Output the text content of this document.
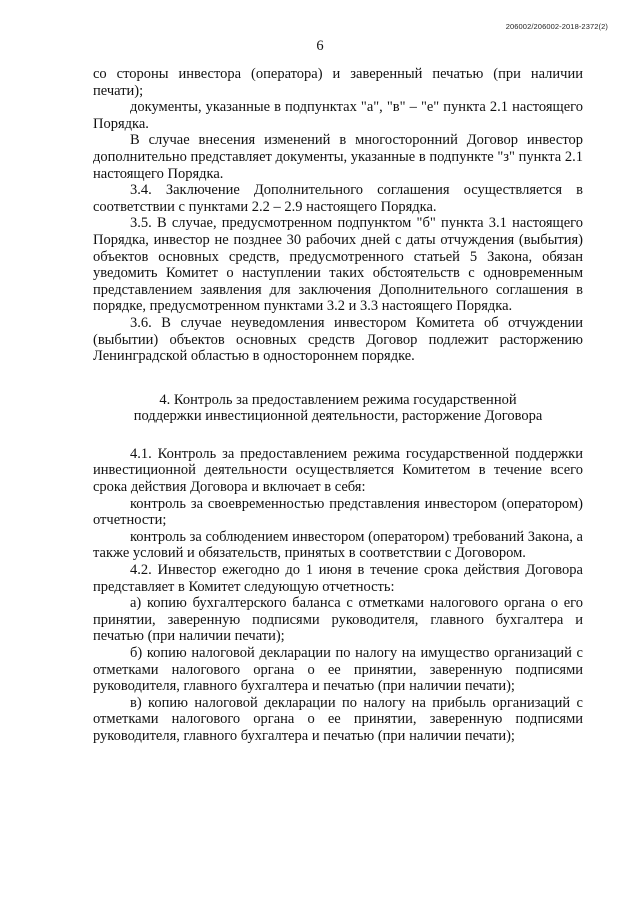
206002/206002-2018-2372(2)
6

со стороны инвестора (оператора) и заверенный печатью (при наличии печати);

документы, указанные в подпунктах "а", "в" – "е" пункта 2.1 настоящего Порядка.

В случае внесения изменений в многосторонний Договор инвестор дополнительно представляет документы, указанные в подпункте "з" пункта 2.1 настоящего Порядка.

3.4. Заключение Дополнительного соглашения осуществляется в соответствии с пунктами 2.2 – 2.9 настоящего Порядка.

3.5. В случае, предусмотренном подпунктом "б" пункта 3.1 настоящего Порядка, инвестор не позднее 30 рабочих дней с даты отчуждения (выбытия) объектов основных средств, предусмотренного статьей 5 Закона, обязан уведомить Комитет о наступлении таких обстоятельств с одновременным представлением заявления для заключения Дополнительного соглашения в порядке, предусмотренном пунктами 3.2 и 3.3 настоящего Порядка.

3.6. В случае неуведомления инвестором Комитета об отчуждении (выбытии) объектов основных средств Договор подлежит расторжению Ленинградской областью в одностороннем порядке.

4. Контроль за предоставлением режима государственной
поддержки инвестиционной деятельности, расторжение Договора

4.1. Контроль за предоставлением режима государственной поддержки инвестиционной деятельности осуществляется Комитетом в течение всего срока действия Договора и включает в себя:

контроль за своевременностью представления инвестором (оператором) отчетности;

контроль за соблюдением инвестором (оператором) требований Закона, а также условий и обязательств, принятых в соответствии с Договором.

4.2. Инвестор ежегодно до 1 июня в течение срока действия Договора представляет в Комитет следующую отчетность:

а) копию бухгалтерского баланса с отметками налогового органа о его принятии, заверенную подписями руководителя, главного бухгалтера и печатью (при наличии печати);

б) копию налоговой декларации по налогу на имущество организаций с отметками налогового органа о ее принятии, заверенную подписями руководителя, главного бухгалтера и печатью (при наличии печати);

в) копию налоговой декларации по налогу на прибыль организаций с отметками налогового органа о ее принятии, заверенную подписями руководителя, главного бухгалтера и печатью (при наличии печати);
